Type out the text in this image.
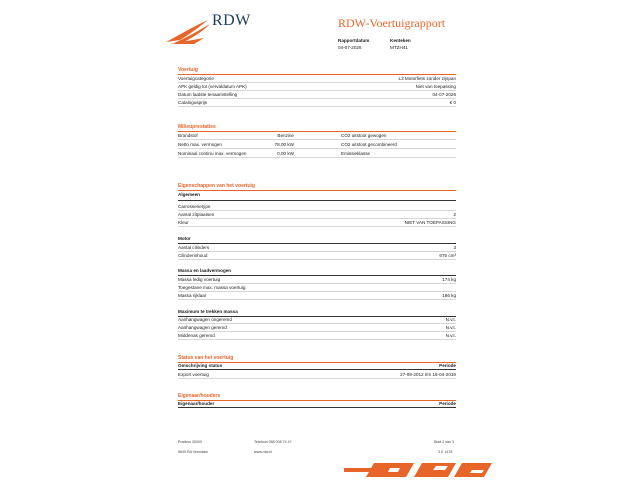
RDW	RDW-Voertuigrapport
Rapportdatum
04-07-2026
Kenteken
MTZH41
Voertuig
Voertuigcategorie	L3 Motorfiets zonder zijspan
APK geldig tot (vervaldatum APK)	Niet van toepassing
Datum laatste tenaamstelling	04-07-2026
Catalogusprijs	€ 0
Milieuprestaties
Brandstof	Benzine	CO2 uitstoot gewogen
Netto max. vermogen	78,00 kW	CO2 uitstoot gecombineerd
Nominaal continu max. vermogen	0,00 kW	Emissieklasse
Eigenschappen van het voertuig
Algemeen
Carrosserietype
Aantal zitplaatsen	2
Kleur	NIET VAN TOEPASSING
Motor
Aantal cilinders	3
Cilinderinhoud	675 cm³
Massa en laadvermogen
Massa ledig voertuig	174 kg
Toegestane max. massa voertuig
Massa rijklaar	186 kg
Maximum te trekken massa
Aanhangwagen ongeremd	N.v.t.
Aanhangwagen geremd	N.v.t.
Middenas geremd	N.v.t.
Status van het voertuig
Omschrijving status	Periode
Export voertuig	27-09-2012 t/m 18-04-2019
Eigenaar/houders
Eigenaar/houder	Periode
Postbus 30000
9640 RA Veendam
Telefoon 088 008 74 47
www.rdw.nl
Blad 2 van 3
3 E 1478
